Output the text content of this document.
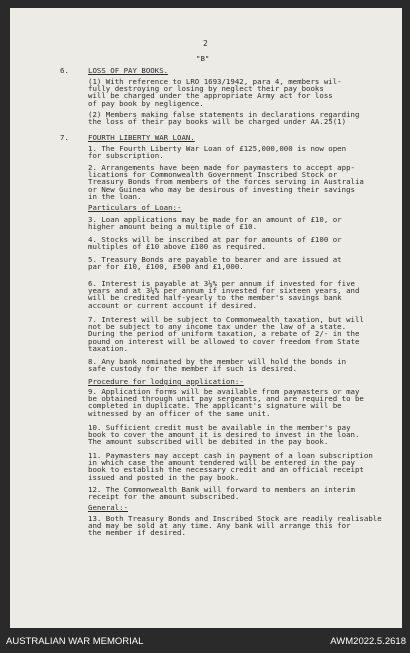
2
"B"
6.	LOSS OF PAY BOOKS.
(1) With reference to LRO 1693/1942, para 4, members wil-
fully destroying or losing by neglect their pay books
will be charged under the appropriate Army act for loss
of pay book by negligence.
(2) Members making false statements in declarations regarding
the loss of their pay books will be charged under AA.25(1)
7.	FOURTH LIBERTY WAR LOAN.
1. The Fourth Liberty War Loan of £125,000,000 is now open
for subscription.
2. Arrangements have been made for paymasters to accept app-
lications for Commonwealth Government Inscribed Stock or
Treasury Bonds from members of the forces serving in Australia
or New Guinea who may be desirous of investing their savings
in the loan.
Particulars of Loan:-
3. Loan applications may be made for an amount of £10, or
higher amount being a multiple of £10.
4. Stocks will be inscribed at par for amounts of £100 or
multiples of £10 above £100 as required.
5. Treasury Bonds are payable to bearer and are issued at
par for £10, £100, £500 and £1,000.
6. Interest is payable at 3¼% per annum if invested for five
years and at 3¼% per annum if invested for sixteen years, and
will be credited half-yearly to the member's savings bank
account or current account if desired.
7. Interest will be subject to Commonwealth taxation, but will
not be subject to any income tax under the law of a state.
During the period of uniform taxation, a rebate of 2/- in the
pound on interest will be allowed to cover freedom from State
taxation.
8. Any bank nominated by the member will hold the bonds in
safe custody for the member if such is desired.
Procedure for lodging application:-
9. Application forms will be available from paymasters or may
be obtained through unit pay sergeants, and are required to be
completed in duplicate. The applicant's signature will be
witnessed by an officer of the same unit.
10. Sufficient credit must be available in the member's pay
book to cover the amount it is desired to invest in the loan.
The amount subscribed will be debited in the pay book.
11. Paymasters may accept cash in payment of a loan subscription
in which case the amount tendered will be entered in the pay
book to establish the necessary credit and an official receipt
issued and posted in the pay book.
12. The Commonwealth Bank will forward to members an interim
receipt for the amount subscribed.
General:-
13. Both Treasury Bonds and Inscribed Stock are readily realisable
and may be sold at any time. Any bank will arrange this for
the member if desired.
AUSTRALIAN WAR MEMORIAL	AWM2022.5.2618
